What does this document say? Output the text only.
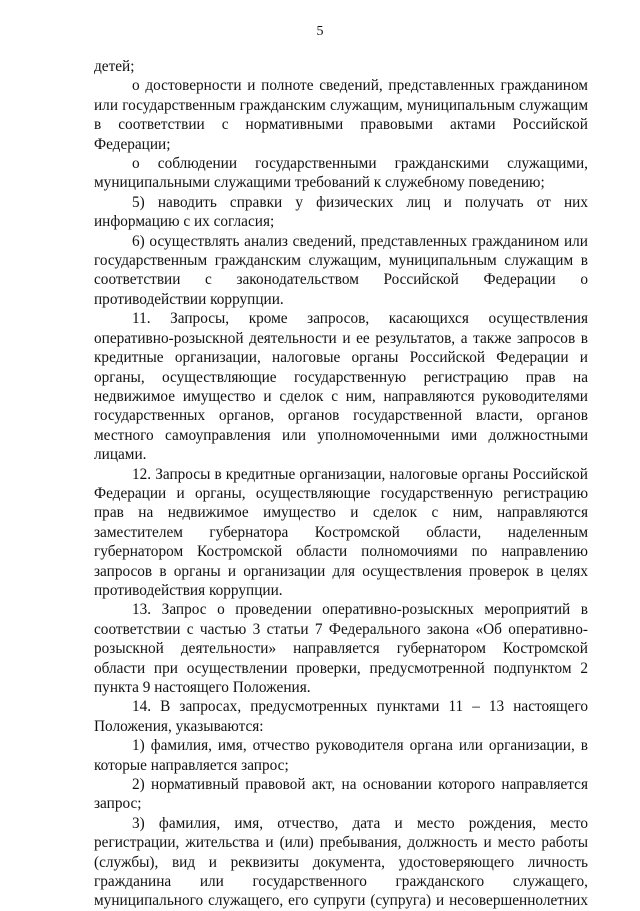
5

детей;

о достоверности и полноте сведений, представленных гражданином или государственным гражданским служащим, муниципальным служащим в соответствии с нормативными правовыми актами Российской Федерации;

о соблюдении государственными гражданскими служащими, муниципальными служащими требований к служебному поведению;

5) наводить справки у физических лиц и получать от них информацию с их согласия;

6) осуществлять анализ сведений, представленных гражданином или государственным гражданским служащим, муниципальным служащим в соответствии с законодательством Российской Федерации о противодействии коррупции.

11. Запросы, кроме запросов, касающихся осуществления оперативно-розыскной деятельности и ее результатов, а также запросов в кредитные организации, налоговые органы Российской Федерации и органы, осуществляющие государственную регистрацию прав на недвижимое имущество и сделок с ним, направляются руководителями государственных органов, органов государственной власти, органов местного самоуправления или уполномоченными ими должностными лицами.

12. Запросы в кредитные организации, налоговые органы Российской Федерации и органы, осуществляющие государственную регистрацию прав на недвижимое имущество и сделок с ним, направляются заместителем губернатора Костромской области, наделенным губернатором Костромской области полномочиями по направлению запросов в органы и организации для осуществления проверок в целях противодействия коррупции.

13. Запрос о проведении оперативно-розыскных мероприятий в соответствии с частью 3 статьи 7 Федерального закона «Об оперативно-розыскной деятельности» направляется губернатором Костромской области при осуществлении проверки, предусмотренной подпунктом 2 пункта 9 настоящего Положения.

14. В запросах, предусмотренных пунктами 11 – 13 настоящего Положения, указываются:

1) фамилия, имя, отчество руководителя органа или организации, в которые направляется запрос;

2) нормативный правовой акт, на основании которого направляется запрос;

3) фамилия, имя, отчество, дата и место рождения, место регистрации, жительства и (или) пребывания, должность и место работы (службы), вид и реквизиты документа, удостоверяющего личность гражданина или государственного гражданского служащего, муниципального служащего, его супруги (супруга) и несовершеннолетних
